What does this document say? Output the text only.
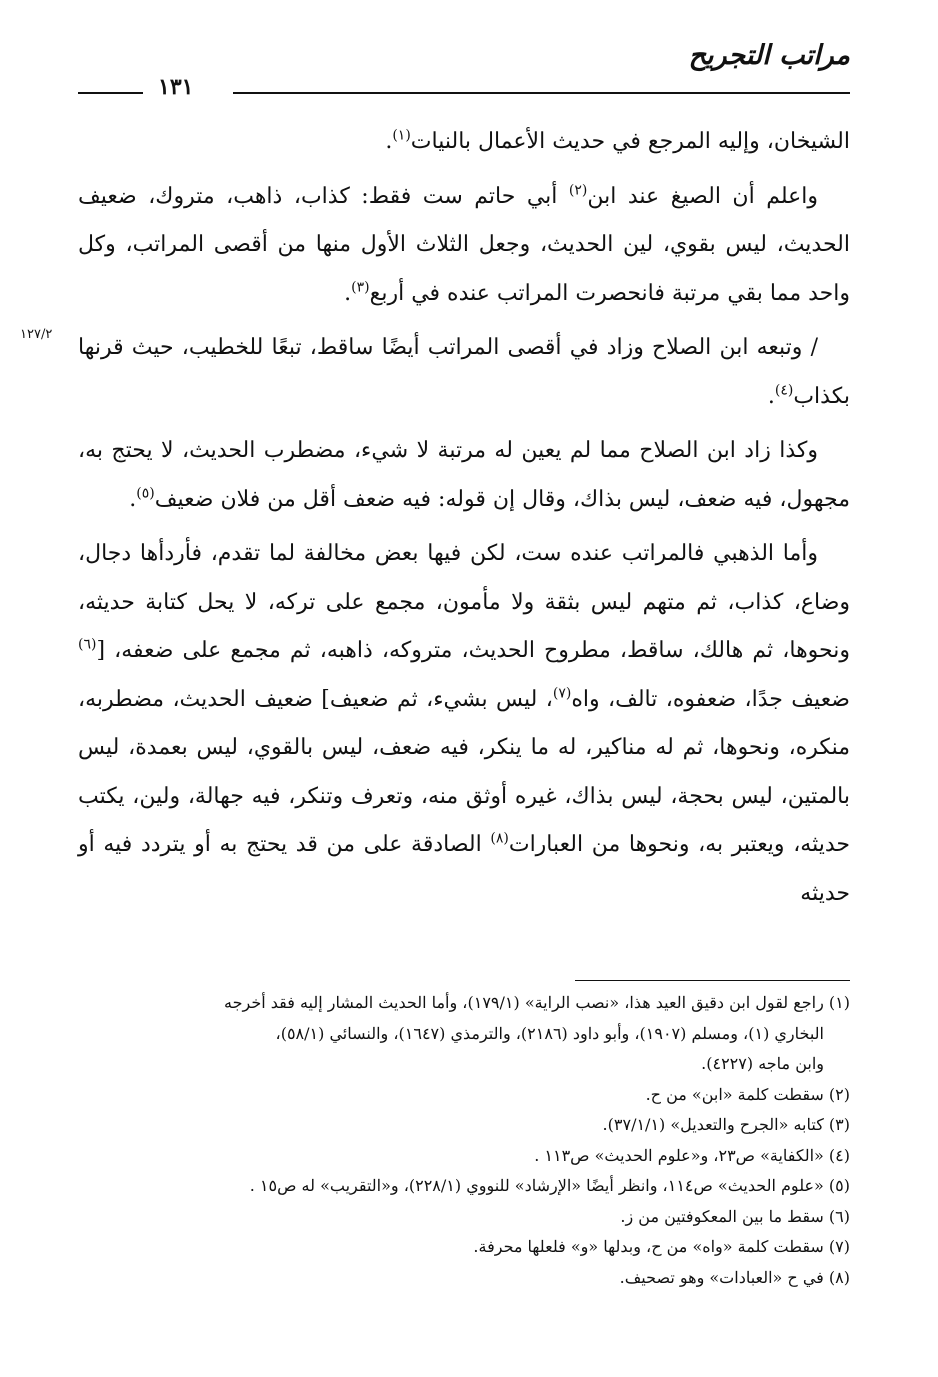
مراتب التجريح
١٣١
١٢٧/٢

الشيخان، وإليه المرجع في حديث الأعمال بالنيات$^{(١)}$.

واعلم أن الصيغ عند ابن$^{(٢)}$ أبي حاتم ست فقط: كذاب، ذاهب، متروك، ضعيف الحديث، ليس بقوي، لين الحديث، وجعل الثلاث الأول منها من أقصى المراتب، وكل واحد مما بقي مرتبة فانحصرت المراتب عنده في أربع$^{(٣)}$.

/ وتبعه ابن الصلاح وزاد في أقصى المراتب أيضًا ساقط، تبعًا للخطيب، حيث قرنها بكذاب$^{(٤)}$.

وكذا زاد ابن الصلاح مما لم يعين له مرتبة لا شيء، مضطرب الحديث، لا يحتج به، مجهول، فيه ضعف، ليس بذاك، وقال إن قوله: فيه ضعف أقل من فلان ضعيف$^{(٥)}$.

وأما الذهبي فالمراتب عنده ست، لكن فيها بعض مخالفة لما تقدم، فأردأها دجال، وضاع، كذاب، ثم متهم ليس بثقة ولا مأمون، مجمع على تركه، لا يحل كتابة حديثه، ونحوها، ثم هالك، ساقط، مطروح الحديث، متروكه، ذاهبه، ثم مجمع على ضعفه، [$^{(٦)}$ ضعيف جدًا، ضعفوه، تالف، واه$^{(٧)}$، ليس بشيء، ثم ضعيف] ضعيف الحديث، مضطربه، منكره، ونحوها، ثم له مناكير، له ما ينكر، فيه ضعف، ليس بالقوي، ليس بعمدة، ليس بالمتين، ليس بحجة، ليس بذاك، غيره أوثق منه، وتعرف وتنكر، فيه جهالة، ولين، يكتب حديثه، ويعتبر به، ونحوها من العبارات$^{(٨)}$ الصادقة على من قد يحتج به أو يتردد فيه أو حديثه

(١) راجع لقول ابن دقيق العيد هذا، «نصب الراية» (١٧٩/١)، وأما الحديث المشار إليه فقد أخرجه

البخاري (١)، ومسلم (١٩٠٧)، وأبو داود (٢١٨٦)، والترمذي (١٦٤٧)، والنسائي (٥٨/١)،

وابن ماجه (٤٢٢٧).

(٢) سقطت كلمة «ابن» من ح.

(٣) كتابه «الجرح والتعديل» (٣٧/١/١).

(٤) «الكفاية» ص٢٣، و«علوم الحديث» ص١١٣ .

(٥) «علوم الحديث» ص١١٤، وانظر أيضًا «الإرشاد» للنووي (٢٢٨/١)، و«التقريب» له ص١٥ .

(٦) سقط ما بين المعكوفتين من ز.

(٧) سقطت كلمة «واه» من ح، وبدلها «و» فلعلها محرفة.

(٨) في ح «العبادات» وهو تصحيف.
